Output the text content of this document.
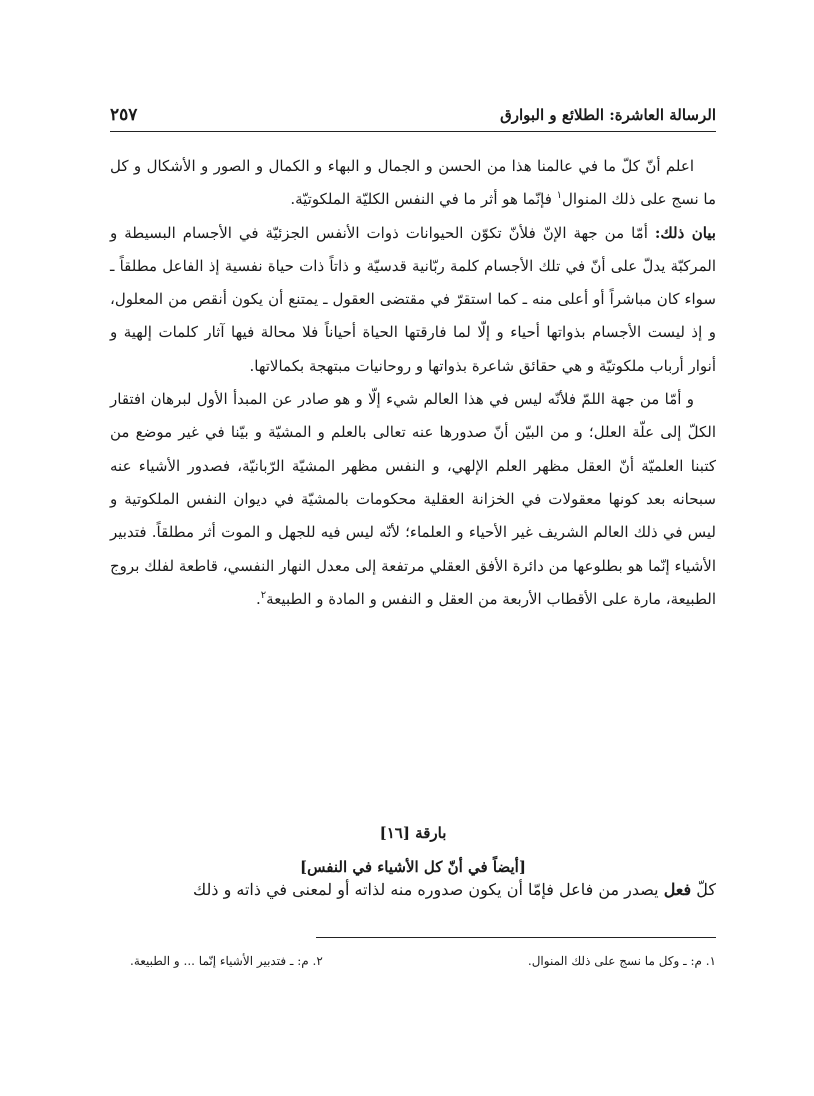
الرسالة العاشرة: الطلائع و البوارق
٢٥٧

اعلم أنّ كلّ ما في عالمنا هذا من الحسن و الجمال و البهاء و الكمال و الصور و الأشكال و كل ما نسج على ذلك المنوال$^١$ فإنّما هو أثر ما في النفس الكليّة الملكوتيّة.

بيان ذلك: أمّا من جهة الإنّ فلأنّ تكوّن الحيوانات ذوات الأنفس الجزئيّة في الأجسام البسيطة و المركبّة يدلّ على أنّ في تلك الأجسام كلمة ربّانية قدسيّة و ذاتاً ذات حياة نفسية إذ الفاعل مطلقاً ـ سواء كان مباشراً أو أعلى منه ـ كما استقرّ في مقتضى العقول ـ يمتنع أن يكون أنقص من المعلول، و إذ ليست الأجسام بذواتها أحياء و إلّا لما فارقتها الحياة أحياناً فلا محالة فيها آثار كلمات إلهية و أنوار أرباب ملكوتيّة و هي حقائق شاعرة بذواتها و روحانيات مبتهجة بكمالاتها.

و أمّا من جهة اللمّ فلأنّه ليس في هذا العالم شيء إلّا و هو صادر عن المبدأ الأول لبرهان افتقار الكلّ إلى علّة العلل؛ و من البيّن أنّ صدورها عنه تعالى بالعلم و المشيّة و بيّنا في غير موضع من كتبنا العلميّة أنّ العقل مظهر العلم الإلهي، و النفس مظهر المشيّة الرّبانيّة، فصدور الأشياء عنه سبحانه بعد كونها معقولات في الخزانة العقلية محكومات بالمشيّة في ديوان النفس الملكوتية و ليس في ذلك العالم الشريف غير الأحياء و العلماء؛ لأنّه ليس فيه للجهل و الموت أثر مطلقاً. فتدبير الأشياء إنّما هو بطلوعها من دائرة الأفق العقلي مرتفعة إلى معدل النهار النفسي، قاطعة لفلك بروج الطبيعة، مارة على الأقطاب الأربعة من العقل و النفس و المادة و الطبيعة$^٢$.

بارقة [١٦]
[أيضاً في أنّ كل الأشياء في النفس]
كلّ فعل يصدر من فاعل فإمّا أن يكون صدوره منه لذاته أو لمعنى في ذاته و ذلك
١. م: ـ وكل ما نسج على ذلك المنوال.
٢. م: ـ فتدبير الأشياء إنّما ... و الطبيعة.
